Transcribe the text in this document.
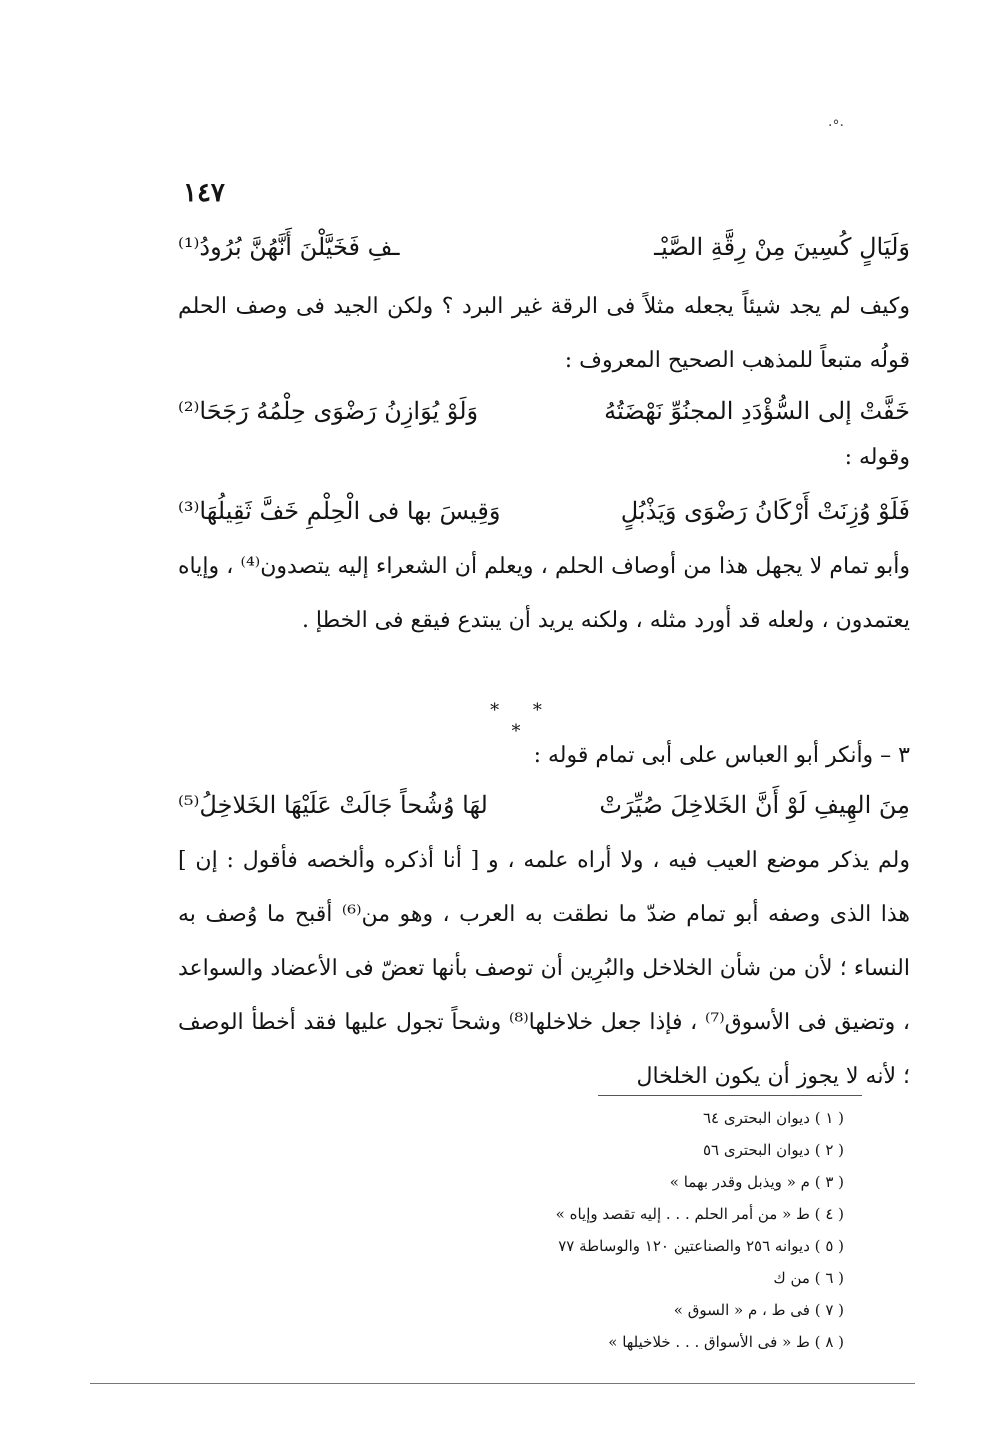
·°·
١٤٧
وَلَيَالٍ كُسِينَ مِنْ رِقَّةِ الصَّيْـ
ـفِ فَخَيَّلْنَ أَنَّهُنَّ بُرُودُ⁽¹⁾
وكيف لم يجد شيئاً يجعله مثلاً فى الرقة غير البرد ؟ ولكن الجيد فى وصف الحلم قولُه متبعاً للمذهب الصحيح المعروف :
خَفَّتْ إلى السُّؤْدَدِ المجنُوِّ نَهْضَتُهُ
وَلَوْ يُوَازِنُ رَضْوَى حِلْمُهُ رَجَحَا⁽²⁾
وقوله :
فَلَوْ وُزِنَتْ أَرْكَانُ رَضْوَى وَيَذْبُلٍ
وَقِيسَ بها فى الْحِلْمِ خَفَّ ثَقِيلُهَا⁽³⁾
وأبو تمام لا يجهل هذا من أوصاف الحلم ، ويعلم أن الشعراء إليه يتصدون⁽⁴⁾ ، وإياه يعتمدون ، ولعله قد أورد مثله ، ولكنه يريد أن يبتدع فيقع فى الخطإ .
* * *
٣ – وأنكر أبو العباس على أبى تمام قوله :
مِنَ الهِيفِ لَوْ أَنَّ الخَلاخِلَ صُيِّرَتْ
لهَا وُشُحاً جَالَتْ عَلَيْهَا الخَلاخِلُ⁽⁵⁾
ولم يذكر موضع العيب فيه ، ولا أراه علمه ، و [ أنا أذكره وألخصه فأقول : إن ] هذا الذى وصفه أبو تمام ضدّ ما نطقت به العرب ، وهو من⁽⁶⁾ أقبح ما وُصف به النساء ؛ لأن من شأن الخلاخل والبُرِين أن توصف بأنها تعضّ فى الأعضاد والسواعد ، وتضيق فى الأسوق⁽⁷⁾ ، فإذا جعل خلاخلها⁽⁸⁾ وشحاً تجول عليها فقد أخطأ الوصف ؛ لأنه لا يجوز أن يكون الخلخال
( ١ ) ديوان البحترى ٦٤
( ٢ ) ديوان البحترى ٥٦
( ٣ ) م « ويذبل وقدر بهما »
( ٤ ) ط « من أمر الحلم . . . إليه تقصد وإياه »
( ٥ ) ديوانه ٢٥٦ والصناعتين ١٢٠ والوساطة ٧٧
( ٦ ) من ك
( ٧ ) فى ط ، م « السوق »
( ٨ ) ط « فى الأسواق . . . خلاخيلها »
